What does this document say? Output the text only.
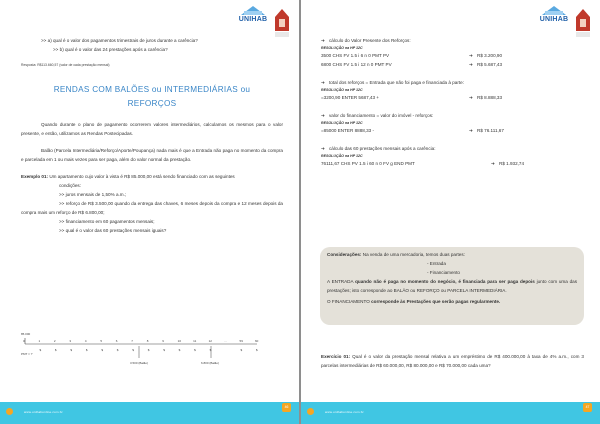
UNIHAB

>> a) qual é o valor dos pagamentos trimestrais de juros durante a carência?

>> b) qual é o valor das 24 prestações após a carência?

Resposta: R$113.660,57 (valor de cada prestação mensal)

RENDAS COM BALÕES ou INTERMEDIÁRIAS ou
REFORÇOS

Quando durante o plano de pagamento ocorrerem valores intermediários, calculamos os mesmos para o valor presente, e então, utilizamos as Rendas Postecipadas.

Balão (Parcela Intermediária/Reforço/Aporte/Poupança) nada mais é que a Entrada não paga no momento da compra e parcelada em 1 ou mais vezes para ser paga, além do valor normal da prestação.

Exemplo 01: Um apartamento cujo valor à vista é R$ 85.000,00 está sendo financiado com as seguintes

condições:

>> juros mensais de 1,50% a.m.;

>> reforço de R$ 3.500,00 quando da entrega das chaves, 6 meses depois da compra e 12 meses depois da compra mais um reforço de R$ 6.800,00;

>> financiamento em 60 pagamentos mensais;

>> qual é o valor das 60 prestações mensais iguais?

85.000
0	1
$
2
$
3
$
4
$
5
$
6
$
7
$
8
$
9
$
10
$
11
$
12
$
...	59
$
60
$
PMT = ?
3.500 (Balão)	6.800 (Balão)
www.unihabonline.com.br
46
UNIHAB

➔ cálculo do Valor Presente dos Reforços:

RESOLUÇÃO na HP 12C
3500 CHS FV 1.5 i 6 n 0 PMT PV	➔ R$ 3.200,90
6800 CHS FV 1.5 i 12 n 0 PMT PV	➔ R$ 5.687,43

➔ total dos reforços = Entrada que não foi paga e financiada à parte:

RESOLUÇÃO na HP 12C
=3200,90 ENTER 5687,43 +	➔ R$ 8.888,33

➔ valor do financiamento = valor do imóvel - reforços:

RESOLUÇÃO na HP 12C
=85000 ENTER 8888,33 -	➔ R$ 76.111,67

➔ cálculo das 60 prestações mensais após a carência:

RESOLUÇÃO na HP 12C
76111,67 CHS PV 1.5 i 60 n 0 FV g END PMT	➔ R$ 1.932,74

Considerações: Na venda de uma mercadoria, temos duas partes:

- Entrada

- Financiamento

A ENTRADA quando não é paga no momento do negócio, é financiada para ser paga depois junto com uma das prestações; isto corresponde ao BALÃO ou REFORÇO ou PARCELA INTERMEDIÁRIA.

O FINANCIAMENTO corresponde às Prestações que serão pagas regularmente.

Exercício 01: Qual é o valor da prestação mensal relativa a um empréstimo de R$ 400.000,00 à taxa de 4% a.m., com 3 parcelas intermediárias de R$ 60.000,00, R$ 80.000,00 e R$ 70.000,00 cada uma?

www.unihabonline.com.br
47
